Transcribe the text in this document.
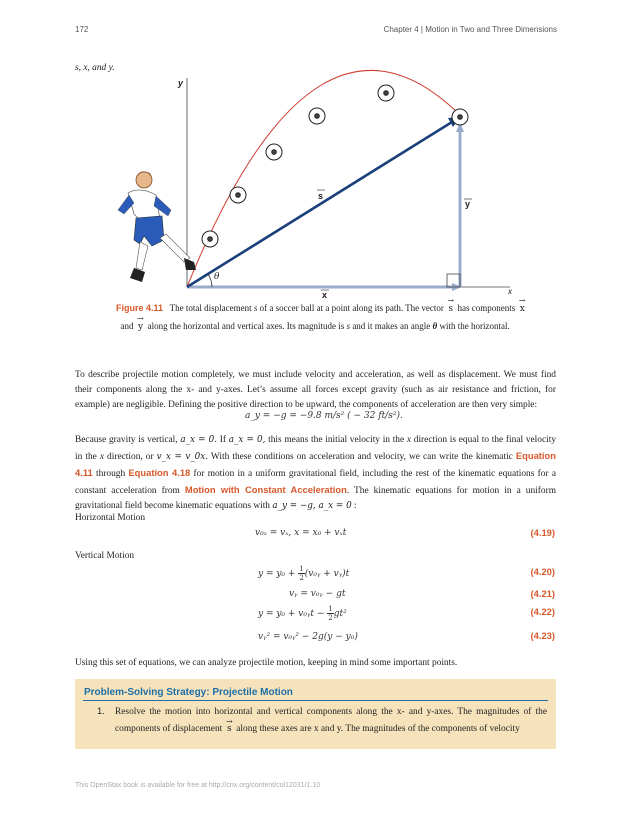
172	Chapter 4 | Motion in Two and Three Dimensions
s, x, and y.
y
x
θ
s
y
x
Figure 4.11 The total displacement s of a soccer ball at a point along its path. The vector  → s  has components  → x  and  → y  along the horizontal and vertical axes. Its magnitude is s and it makes an angle θ with the horizontal.
To describe projectile motion completely, we must include velocity and acceleration, as well as displacement. We must find their components along the x- and y-axes. Let’s assume all forces except gravity (such as air resistance and friction, for example) are negligible. Defining the positive direction to be upward, the components of acceleration are then very simple:
a_y = −g = −9.8 m/s² ( − 32 ft/s²).
Because gravity is vertical, a_x = 0. If a_x = 0, this means the initial velocity in the x direction is equal to the final velocity in the x direction, or v_x = v_0x. With these conditions on acceleration and velocity, we can write the kinematic Equation 4.11 through Equation 4.18 for motion in a uniform gravitational field, including the rest of the kinematic equations for a constant acceleration from Motion with Constant Acceleration. The kinematic equations for motion in a uniform gravitational field become kinematic equations with a_y = −g, a_x = 0 :
Horizontal Motion
v₀ₓ = vₓ, x = x₀ + vₓt	(4.19)
Vertical Motion
$y = y_0 + \frac{1}{2}$ (v₀ᵧ + vᵧ)t	(4.20)
vᵧ = v₀ᵧ − gt	(4.21)
y = y₀ + v₀ᵧt − $\frac{1}{2} gt^2$	(4.22)
vᵧ² = v₀ᵧ² − 2g(y − y₀)	(4.23)
Using this set of equations, we can analyze projectile motion, keeping in mind some important points.
Problem-Solving Strategy: Projectile Motion
1. Resolve the motion into horizontal and vertical components along the x- and y-axes. The magnitudes of the components of displacement  → s  along these axes are x and y. The magnitudes of the components of velocity
This OpenStax book is available for free at http://cnx.org/content/col12031/1.10
